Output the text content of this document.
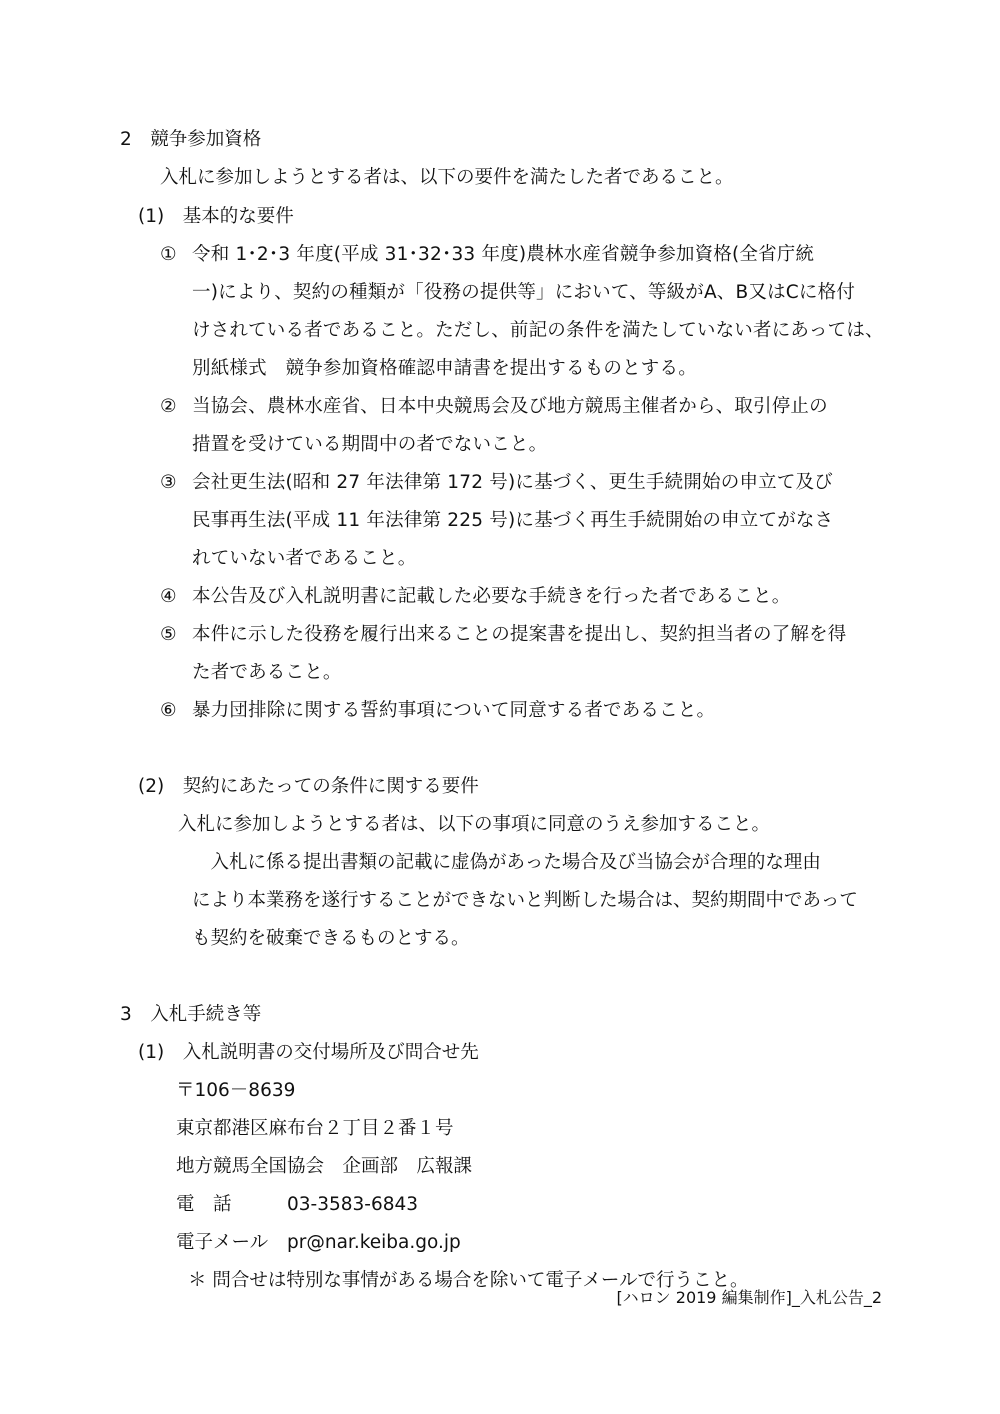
2　競争参加資格
入札に参加しようとする者は、以下の要件を満たした者であること。
(1)　基本的な要件
① 令和 1･2･3 年度(平成 31･32･33 年度)農林水産省競争参加資格(全省庁統
一)により、契約の種類が「役務の提供等」において、等級がA、B又はCに格付
けされている者であること。ただし、前記の条件を満たしていない者にあっては、
別紙様式　競争参加資格確認申請書を提出するものとする。
② 当協会、農林水産省、日本中央競馬会及び地方競馬主催者から、取引停止の
措置を受けている期間中の者でないこと。
③ 会社更生法(昭和 27 年法律第 172 号)に基づく、更生手続開始の申立て及び
民事再生法(平成 11 年法律第 225 号)に基づく再生手続開始の申立てがなさ
れていない者であること。
④ 本公告及び入札説明書に記載した必要な手続きを行った者であること。
⑤ 本件に示した役務を履行出来ることの提案書を提出し、契約担当者の了解を得
た者であること。
⑥ 暴力団排除に関する誓約事項について同意する者であること。
(2)　契約にあたっての条件に関する要件
入札に参加しようとする者は、以下の事項に同意のうえ参加すること。
　入札に係る提出書類の記載に虚偽があった場合及び当協会が合理的な理由
により本業務を遂行することができないと判断した場合は、契約期間中であって
も契約を破棄できるものとする。
3　入札手続き等
(1)　入札説明書の交付場所及び問合せ先
〒106－8639
東京都港区麻布台２丁目２番１号
地方競馬全国協会　企画部　広報課
電　話	03-3583-6843
電子メール pr@nar.keiba.go.jp
＊ 問合せは特別な事情がある場合を除いて電子メールで行うこと。
[ハロン 2019 編集制作]_入札公告_2
